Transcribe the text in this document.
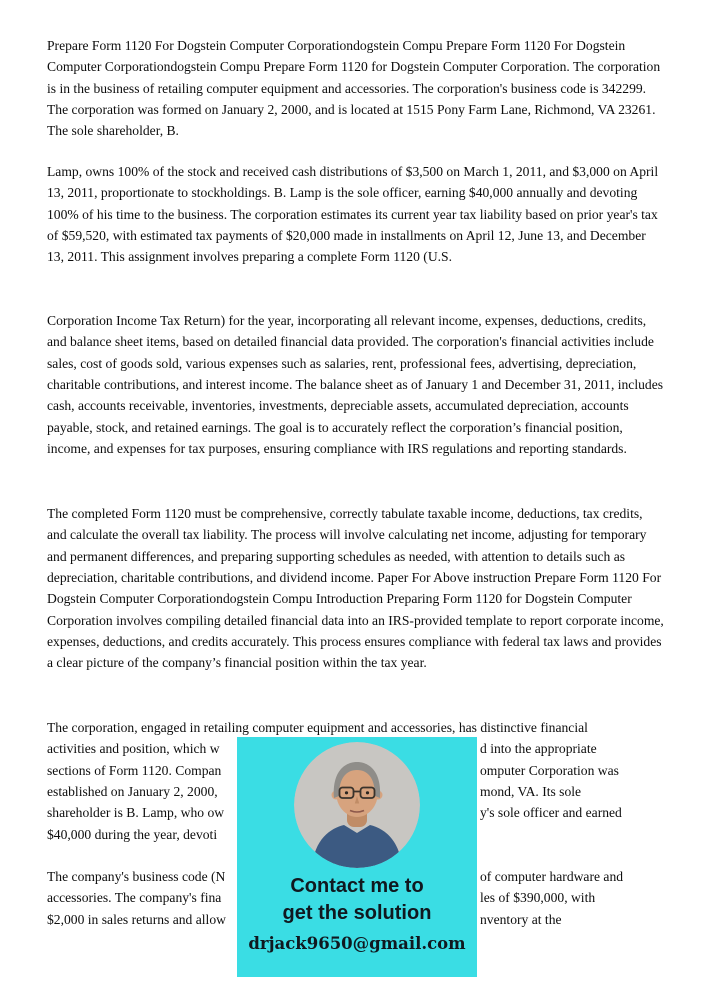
Prepare Form 1120 For Dogstein Computer Corporationdogstein Compu Prepare Form 1120 For Dogstein Computer Corporationdogstein Compu Prepare Form 1120 for Dogstein Computer Corporation. The corporation is in the business of retailing computer equipment and accessories. The corporation's business code is 342299. The corporation was formed on January 2, 2000, and is located at 1515 Pony Farm Lane, Richmond, VA 23261. The sole shareholder, B.

Lamp, owns 100% of the stock and received cash distributions of $3,500 on March 1, 2011, and $3,000 on April 13, 2011, proportionate to stockholdings. B. Lamp is the sole officer, earning $40,000 annually and devoting 100% of his time to the business. The corporation estimates its current year tax liability based on prior year's tax of $59,520, with estimated tax payments of $20,000 made in installments on April 12, June 13, and December 13, 2011. This assignment involves preparing a complete Form 1120 (U.S.

Corporation Income Tax Return) for the year, incorporating all relevant income, expenses, deductions, credits, and balance sheet items, based on detailed financial data provided. The corporation's financial activities include sales, cost of goods sold, various expenses such as salaries, rent, professional fees, advertising, depreciation, charitable contributions, and interest income. The balance sheet as of January 1 and December 31, 2011, includes cash, accounts receivable, inventories, investments, depreciable assets, accumulated depreciation, accounts payable, stock, and retained earnings. The goal is to accurately reflect the corporation’s financial position, income, and expenses for tax purposes, ensuring compliance with IRS regulations and reporting standards.

The completed Form 1120 must be comprehensive, correctly tabulate taxable income, deductions, tax credits, and calculate the overall tax liability. The process will involve calculating net income, adjusting for temporary and permanent differences, and preparing supporting schedules as needed, with attention to details such as depreciation, charitable contributions, and dividend income. Paper For Above instruction Prepare Form 1120 For Dogstein Computer Corporationdogstein Compu Introduction Preparing Form 1120 for Dogstein Computer Corporation involves compiling detailed financial data into an IRS-provided template to report corporate income, expenses, deductions, and credits accurately. This process ensures compliance with federal tax laws and provides a clear picture of the company’s financial position within the tax year.

The corporation, engaged in retailing computer equipment and accessories, has distinctive financial
activities and position, which w	d into the appropriate
sections of Form 1120. Compan	omputer Corporation was
established on January 2, 2000,	mond, VA. Its sole
shareholder is B. Lamp, who ow	y's sole officer and earned
$40,000 during the year, devoti
The company's business code (N	of computer hardware and
accessories. The company's fina	les of $390,000, with
$2,000 in sales returns and allow	nventory at the
Contact me to
get the solution
drjack9650@gmail.com
